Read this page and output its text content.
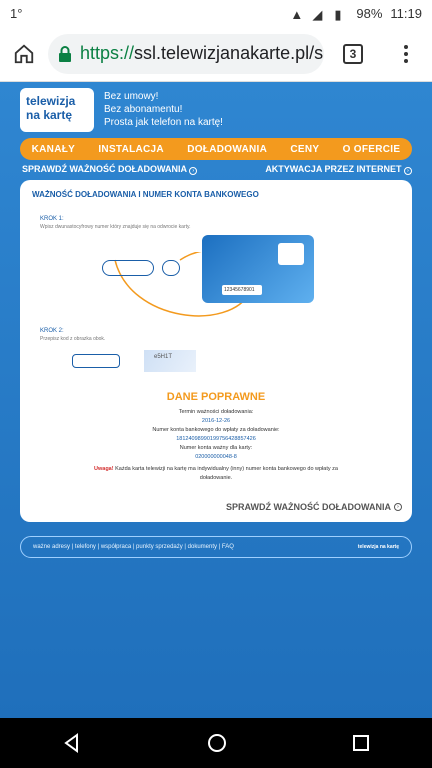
1°	▲ ◢ ▮	98% 11:19
https:// ssl.telewizjanakarte.pl/s	3
telewizja
na kartę
Bez umowy!
Bez abonamentu!
Prosta jak telefon na kartę!
KANAŁY INSTALACJA DOŁADOWANIA CENY O OFERCIE
SPRAWDŹ WAŻNOŚĆ DOŁADOWANIA ›	AKTYWACJA PRZEZ INTERNET ›
WAŻNOŚĆ DOŁADOWANIA I NUMER KONTA BANKOWEGO
KROK 1:
Wpisz dwunastocyfrowy numer który znajduje się na odwrocie karty.
12345678901
KROK 2:
Przepisz kod z obrazka obok.
e5H1T
DANE POPRAWNE
Termin ważności doładowania:
2016-12-26
Numer konta bankowego do wpłaty za doładowanie:
18124098990199756428857426
Numer konta ważny dla karty:
020000000048-8
Uwaga! Każda karta telewizji na kartę ma indywidualny (inny) numer konta bankowego do wpłaty za doładowanie.
SPRAWDŹ WAŻNOŚĆ DOŁADOWANIA	›
ważne adresy | telefony | współpraca | punkty sprzedaży | dokumenty | FAQ	telewizja na kartę
